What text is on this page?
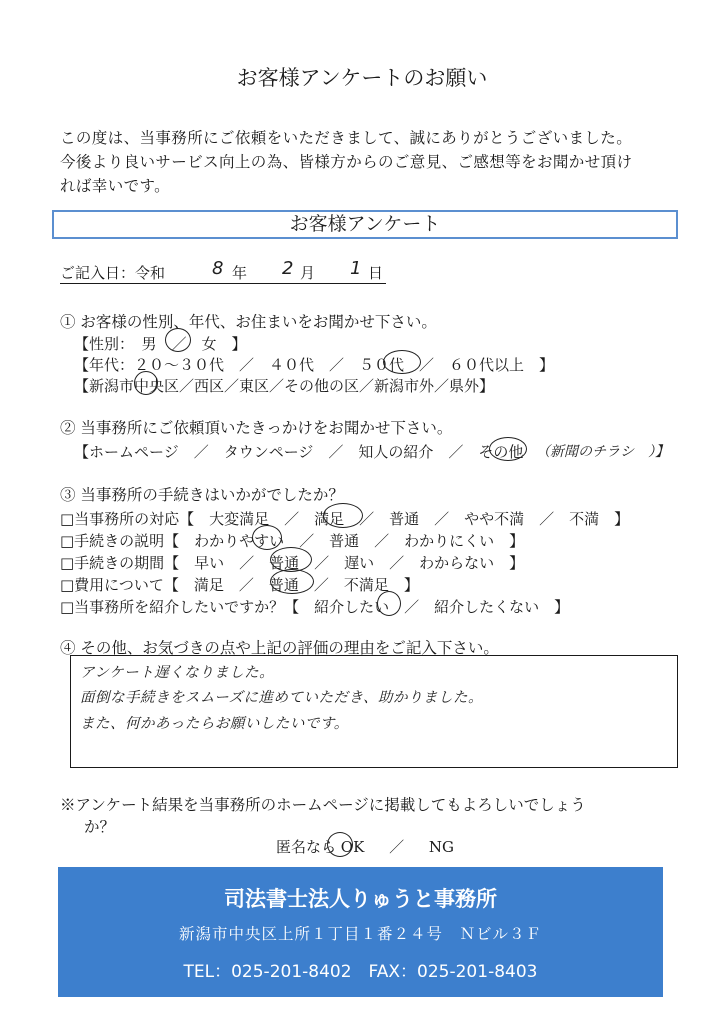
お客様アンケートのお願い
この度は、当事務所にご依頼をいただきまして、誠にありがとうございました。
今後より良いサービス向上の為、皆様方からのご意見、ご感想等をお聞かせ頂け
れば幸いです。
お客様アンケート
ご記入日：令和	8 年 2 月 1 日
① お客様の性別、年代、お住まいをお聞かせ下さい。
【性別：　男　／　女　】
【年代：２０～３０代　／　４０代　／　５０代　／　６０代以上　】
【新潟市中央区／西区／東区／その他の区／新潟市外／県外】
② 当事務所にご依頼頂いたきっかけをお聞かせ下さい。
【ホームページ　／　タウンページ　／　知人の紹介　／　その他 （新聞のチラシ　）】
③ 当事務所の手続きはいかがでしたか？
□当事務所の対応【　大変満足　／　満足　／　普通　／　やや不満　／　不満　】
□手続きの説明【　わかりやすい　／　普通　／　わかりにくい　】
□手続きの期間【　早い　／　普通　／　遅い　／　わからない　】
□費用について【　満足　／　普通　／　不満足　】
□当事務所を紹介したいですか？【　紹介したい　／　紹介したくない　】
④ その他、お気づきの点や上記の評価の理由をご記入下さい。
アンケート遅くなりました。
面倒な手続きをスムーズに進めていただき、助かりました。
また、何かあったらお願いしたいです。
※アンケート結果を当事務所のホームページに掲載してもよろしいでしょう
か？
匿名なら OK ／ NG
司法書士法人りゅうと事務所
新潟市中央区上所１丁目１番２４号　Ｎビル３Ｆ
TEL：025-201-8402　FAX：025-201-8403
